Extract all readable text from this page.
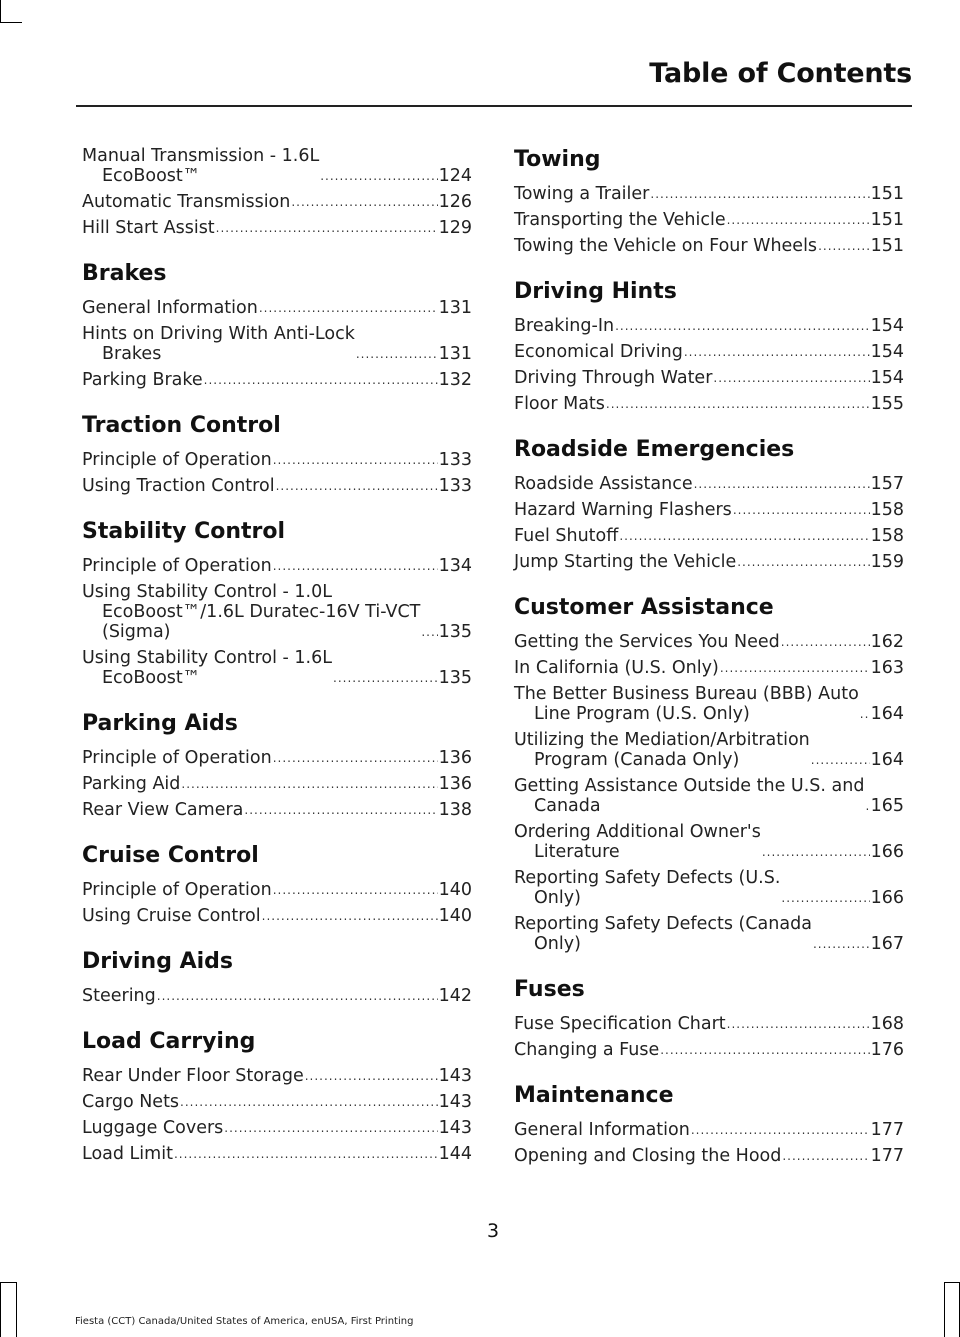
Table of Contents
Manual Transmission - 1.6L
EcoBoost™ .....	124
Automatic Transmission .....	126
Hill Start Assist .....	129
Brakes
General Information .....	131
Hints on Driving With Anti-Lock
Brakes .....	131
Parking Brake .....	132
Traction Control
Principle of Operation .....	133
Using Traction Control .....	133
Stability Control
Principle of Operation .....	134
Using Stability Control - 1.0L
EcoBoost™/1.6L Duratec-16V Ti-VCT
(Sigma) .....	135
Using Stability Control - 1.6L
EcoBoost™ .....	135
Parking Aids
Principle of Operation .....	136
Parking Aid .....	136
Rear View Camera .....	138
Cruise Control
Principle of Operation .....	140
Using Cruise Control .....	140
Driving Aids
Steering .....	142
Load Carrying
Rear Under Floor Storage .....	143
Cargo Nets .....	143
Luggage Covers .....	143
Load Limit .....	144
Towing
Towing a Trailer .....	151
Transporting the Vehicle .....	151
Towing the Vehicle on Four Wheels .....	151
Driving Hints
Breaking-In .....	154
Economical Driving .....	154
Driving Through Water .....	154
Floor Mats .....	155
Roadside Emergencies
Roadside Assistance .....	157
Hazard Warning Flashers .....	158
Fuel Shutoff .....	158
Jump Starting the Vehicle .....	159
Customer Assistance
Getting the Services You Need .....	162
In California (U.S. Only) .....	163
The Better Business Bureau (BBB) Auto
Line Program (U.S. Only) .....	164
Utilizing the Mediation/Arbitration
Program (Canada Only) .....	164
Getting Assistance Outside the U.S. and
Canada .....	165
Ordering Additional Owner's
Literature .....	166
Reporting Safety Defects (U.S.
Only) .....	166
Reporting Safety Defects (Canada
Only) .....	167
Fuses
Fuse Specification Chart .....	168
Changing a Fuse .....	176
Maintenance
General Information .....	177
Opening and Closing the Hood .....	177
3
Fiesta (CCT) Canada/United States of America, enUSA, First Printing
